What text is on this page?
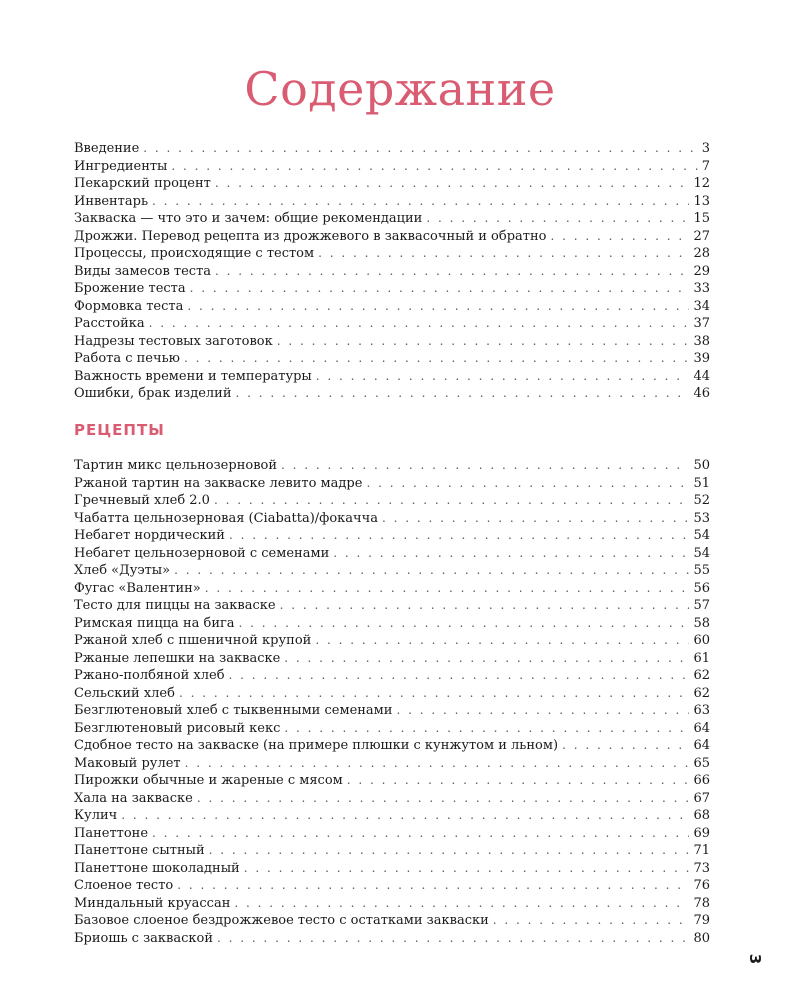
Содержание
Введение . . .	3
Ингредиенты . . .	7
Пекарский процент . . .	12
Инвентарь . . .	13
Закваска — что это и зачем: общие рекомендации . . .	15
Дрожжи. Перевод рецепта из дрожжевого в заквасочный и обратно . . .	27
Процессы, происходящие с тестом . . .	28
Виды замесов теста . . .	29
Брожение теста . . .	33
Формовка теста . . .	34
Расстойка . . .	37
Надрезы тестовых заготовок . . .	38
Работа с печью . . .	39
Важность времени и температуры . . .	44
Ошибки, брак изделий . . .	46
РЕЦЕПТЫ
Тартин микс цельнозерновой . . .	50
Ржаной тартин на закваске левито мадре . . .	51
Гречневый хлеб 2.0 . . .	52
Чабатта цельнозерновая (Ciabatta)/фокачча . . .	53
Небагет нордический . . .	54
Небагет цельнозерновой с семенами . . .	54
Хлеб «Дуэты» . . .	55
Фугас «Валентин» . . .	56
Тесто для пиццы на закваске . . .	57
Римская пицца на бига . . .	58
Ржаной хлеб с пшеничной крупой . . .	60
Ржаные лепешки на закваске . . .	61
Ржано-полбяной хлеб . . .	62
Сельский хлеб . . .	62
Безглютеновый хлеб с тыквенными семенами . . .	63
Безглютеновый рисовый кекс . . .	64
Сдобное тесто на закваске (на примере плюшки с кунжутом и льном) . . .	64
Маковый рулет . . .	65
Пирожки обычные и жареные с мясом . . .	66
Хала на закваске . . .	67
Кулич . . .	68
Панеттоне . . .	69
Панеттоне сытный . . .	71
Панеттоне шоколадный . . .	73
Слоеное тесто . . .	76
Миндальный круассан . . .	78
Базовое слоеное бездрожжевое тесто с остатками закваски . . .	79
Бриошь с закваской . . .	80
3
